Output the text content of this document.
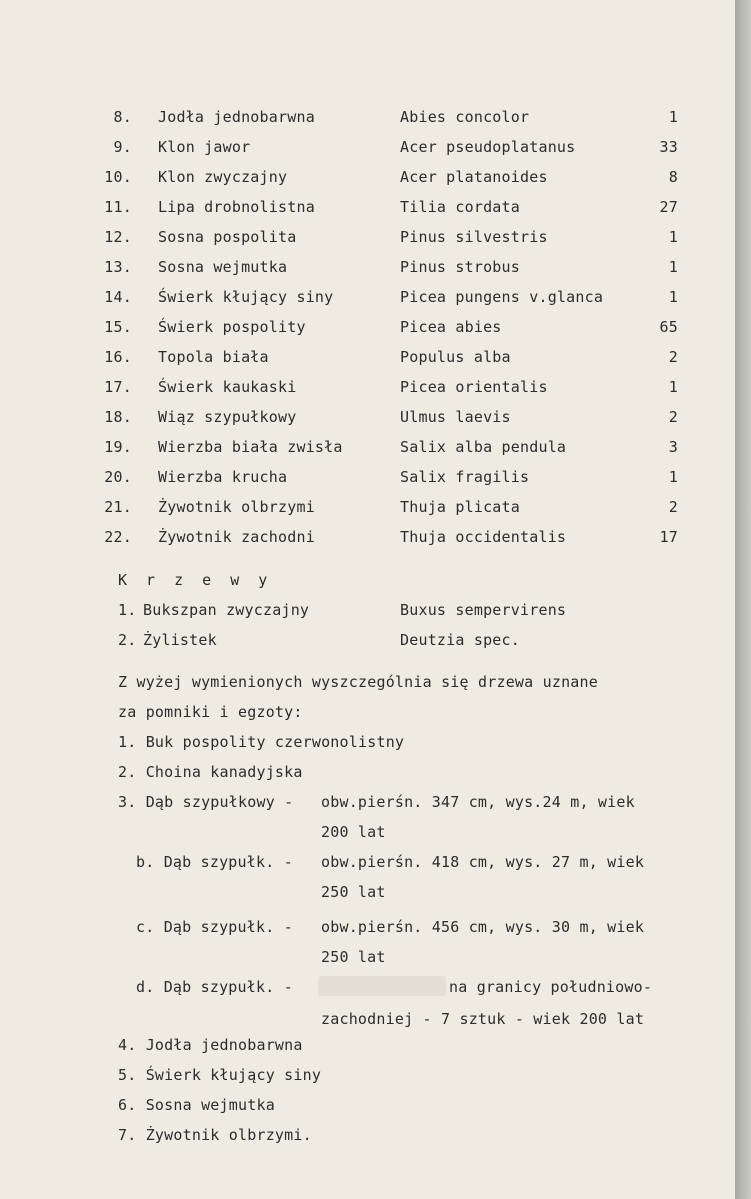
8. Jodła jednobarwna	Abies concolor	1
9. Klon jawor	Acer pseudoplatanus	33
10. Klon zwyczajny	Acer platanoides	8
11. Lipa drobnolistna	Tilia cordata	27
12. Sosna pospolita	Pinus silvestris	1
13. Sosna wejmutka	Pinus strobus	1
14. Świerk kłujący siny	Picea pungens v.glanca	1
15. Świerk pospolity	Picea abies	65
16. Topola biała	Populus alba	2
17. Świerk kaukaski	Picea orientalis	1
18. Wiąz szypułkowy	Ulmus laevis	2
19. Wierzba biała zwisła	Salix alba pendula	3
20. Wierzba krucha	Salix fragilis	1
21. Żywotnik olbrzymi	Thuja plicata	2
22. Żywotnik zachodni	Thuja occidentalis	17
K r z e w y
1. Bukszpan zwyczajny	Buxus sempervirens
2. Żylistek	Deutzia spec.
Z wyżej wymienionych wyszczególnia się drzewa uznane
za pomniki i egzoty:
1. Buk pospolity czerwonolistny
2. Choina kanadyjska
3. Dąb szypułkowy - obw.pierśn. 347 cm, wys.24 m, wiek
200 lat
b. Dąb szypułk. - obw.pierśn. 418 cm, wys. 27 m, wiek
250 lat
c. Dąb szypułk. - obw.pierśn. 456 cm, wys. 30 m, wiek
250 lat
d. Dąb szypułk. -	na granicy południowo-
zachodniej - 7 sztuk - wiek 200 lat
4. Jodła jednobarwna
5. Świerk kłujący siny
6. Sosna wejmutka
7. Żywotnik olbrzymi.
